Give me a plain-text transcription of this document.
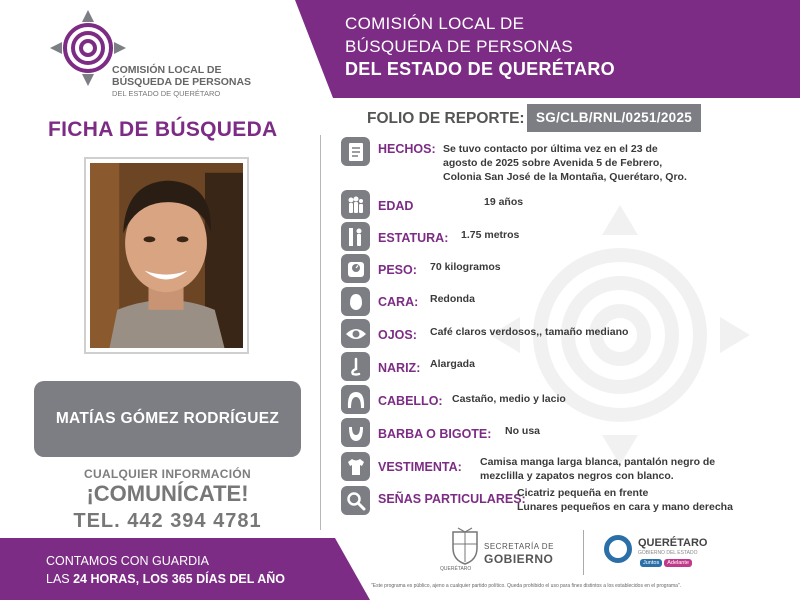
COMISIÓN LOCAL DE
BÚSQUEDA DE PERSONAS
DEL ESTADO DE QUERÉTARO
COMISIÓN LOCAL DE
BÚSQUEDA DE PERSONAS
DEL ESTADO DE QUERÉTARO
FICHA DE BÚSQUEDA
MATÍAS GÓMEZ RODRÍGUEZ
CUALQUIER INFORMACIÓN
¡COMUNÍCATE!
TEL. 442 394 4781
CONTAMOS CON GUARDIA
LAS 24 HORAS, LOS 365 DÍAS DEL AÑO
FOLIO DE REPORTE: SG/CLB/RNL/0251/2025
HECHOS: Se tuvo contacto por última vez en el 23 de
agosto de 2025 sobre Avenida 5 de Febrero,
Colonia San José de la Montaña, Querétaro, Qro.
EDAD	19 años
ESTATURA: 1.75 metros
PESO: 70 kilogramos
CARA: Redonda
OJOS: Café claros verdosos,, tamaño mediano
NARIZ: Alargada
CABELLO: Castaño, medio y lacio
BARBA O BIGOTE: No usa
VESTIMENTA: Camisa manga larga blanca, pantalón negro de
mezclilla y zapatos negros con blanco.
SEÑAS PARTICULARES:
Cicatriz pequeña en frente
Lunares pequeños en cara y mano derecha
SECRETARÍA DE
GOBIERNO
QUERÉTARO
QUERÉTARO
GOBIERNO DEL ESTADO
Juntos	Adelante
"Este programa es público, ajeno a cualquier partido político. Queda prohibido el uso para fines distintos a los establecidos en el programa".
